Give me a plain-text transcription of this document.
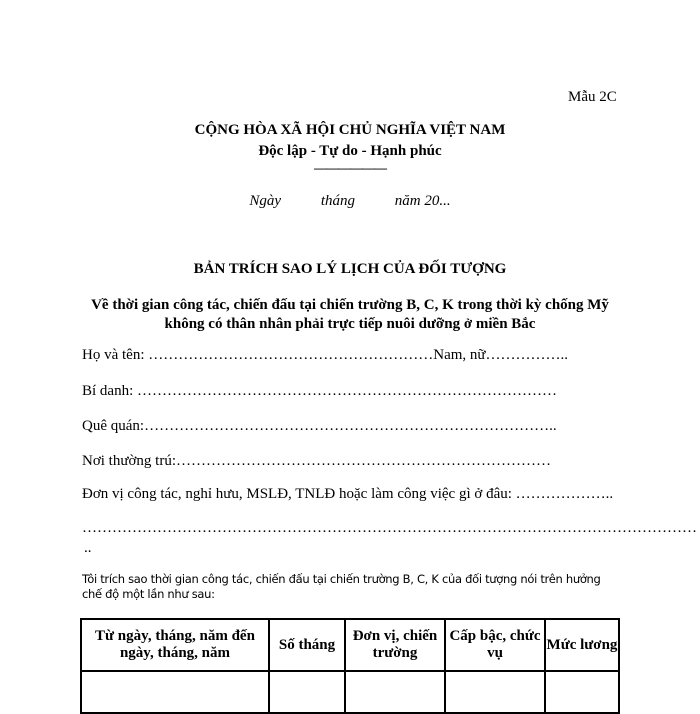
Mẫu 2C
CỘNG HÒA XÃ HỘI CHỦ NGHĨA VIỆT NAM
Độc lập - Tự do - Hạnh phúc
——————
Ngày	tháng	năm 20...
BẢN TRÍCH SAO LÝ LỊCH CỦA ĐỐI TƯỢNG
Về thời gian công tác, chiến đấu tại chiến trường B, C, K trong thời kỳ chống Mỹ
không có thân nhân phải trực tiếp nuôi dưỡng ở miền Bắc
Họ và tên: …………………………………………………Nam, nữ……………..
Bí danh: …………………………………………………………………………
Quê quán:………………………………………………………………………..
Nơi thường trú:…………………………………………………………………
Đơn vị công tác, nghỉ hưu, MSLĐ, TNLĐ hoặc làm công việc gì ở đâu: ………………..
……………………………………………………………………………………………………………
..
Tôi trích sao thời gian công tác, chiến đấu tại chiến trường B, C, K của đối tượng nói trên hưởng chế độ một lần như sau:
Từ ngày, tháng, năm đến ngày, tháng, năm	Số tháng	Đơn vị, chiến trường	Cấp bậc, chức vụ	Mức lương
